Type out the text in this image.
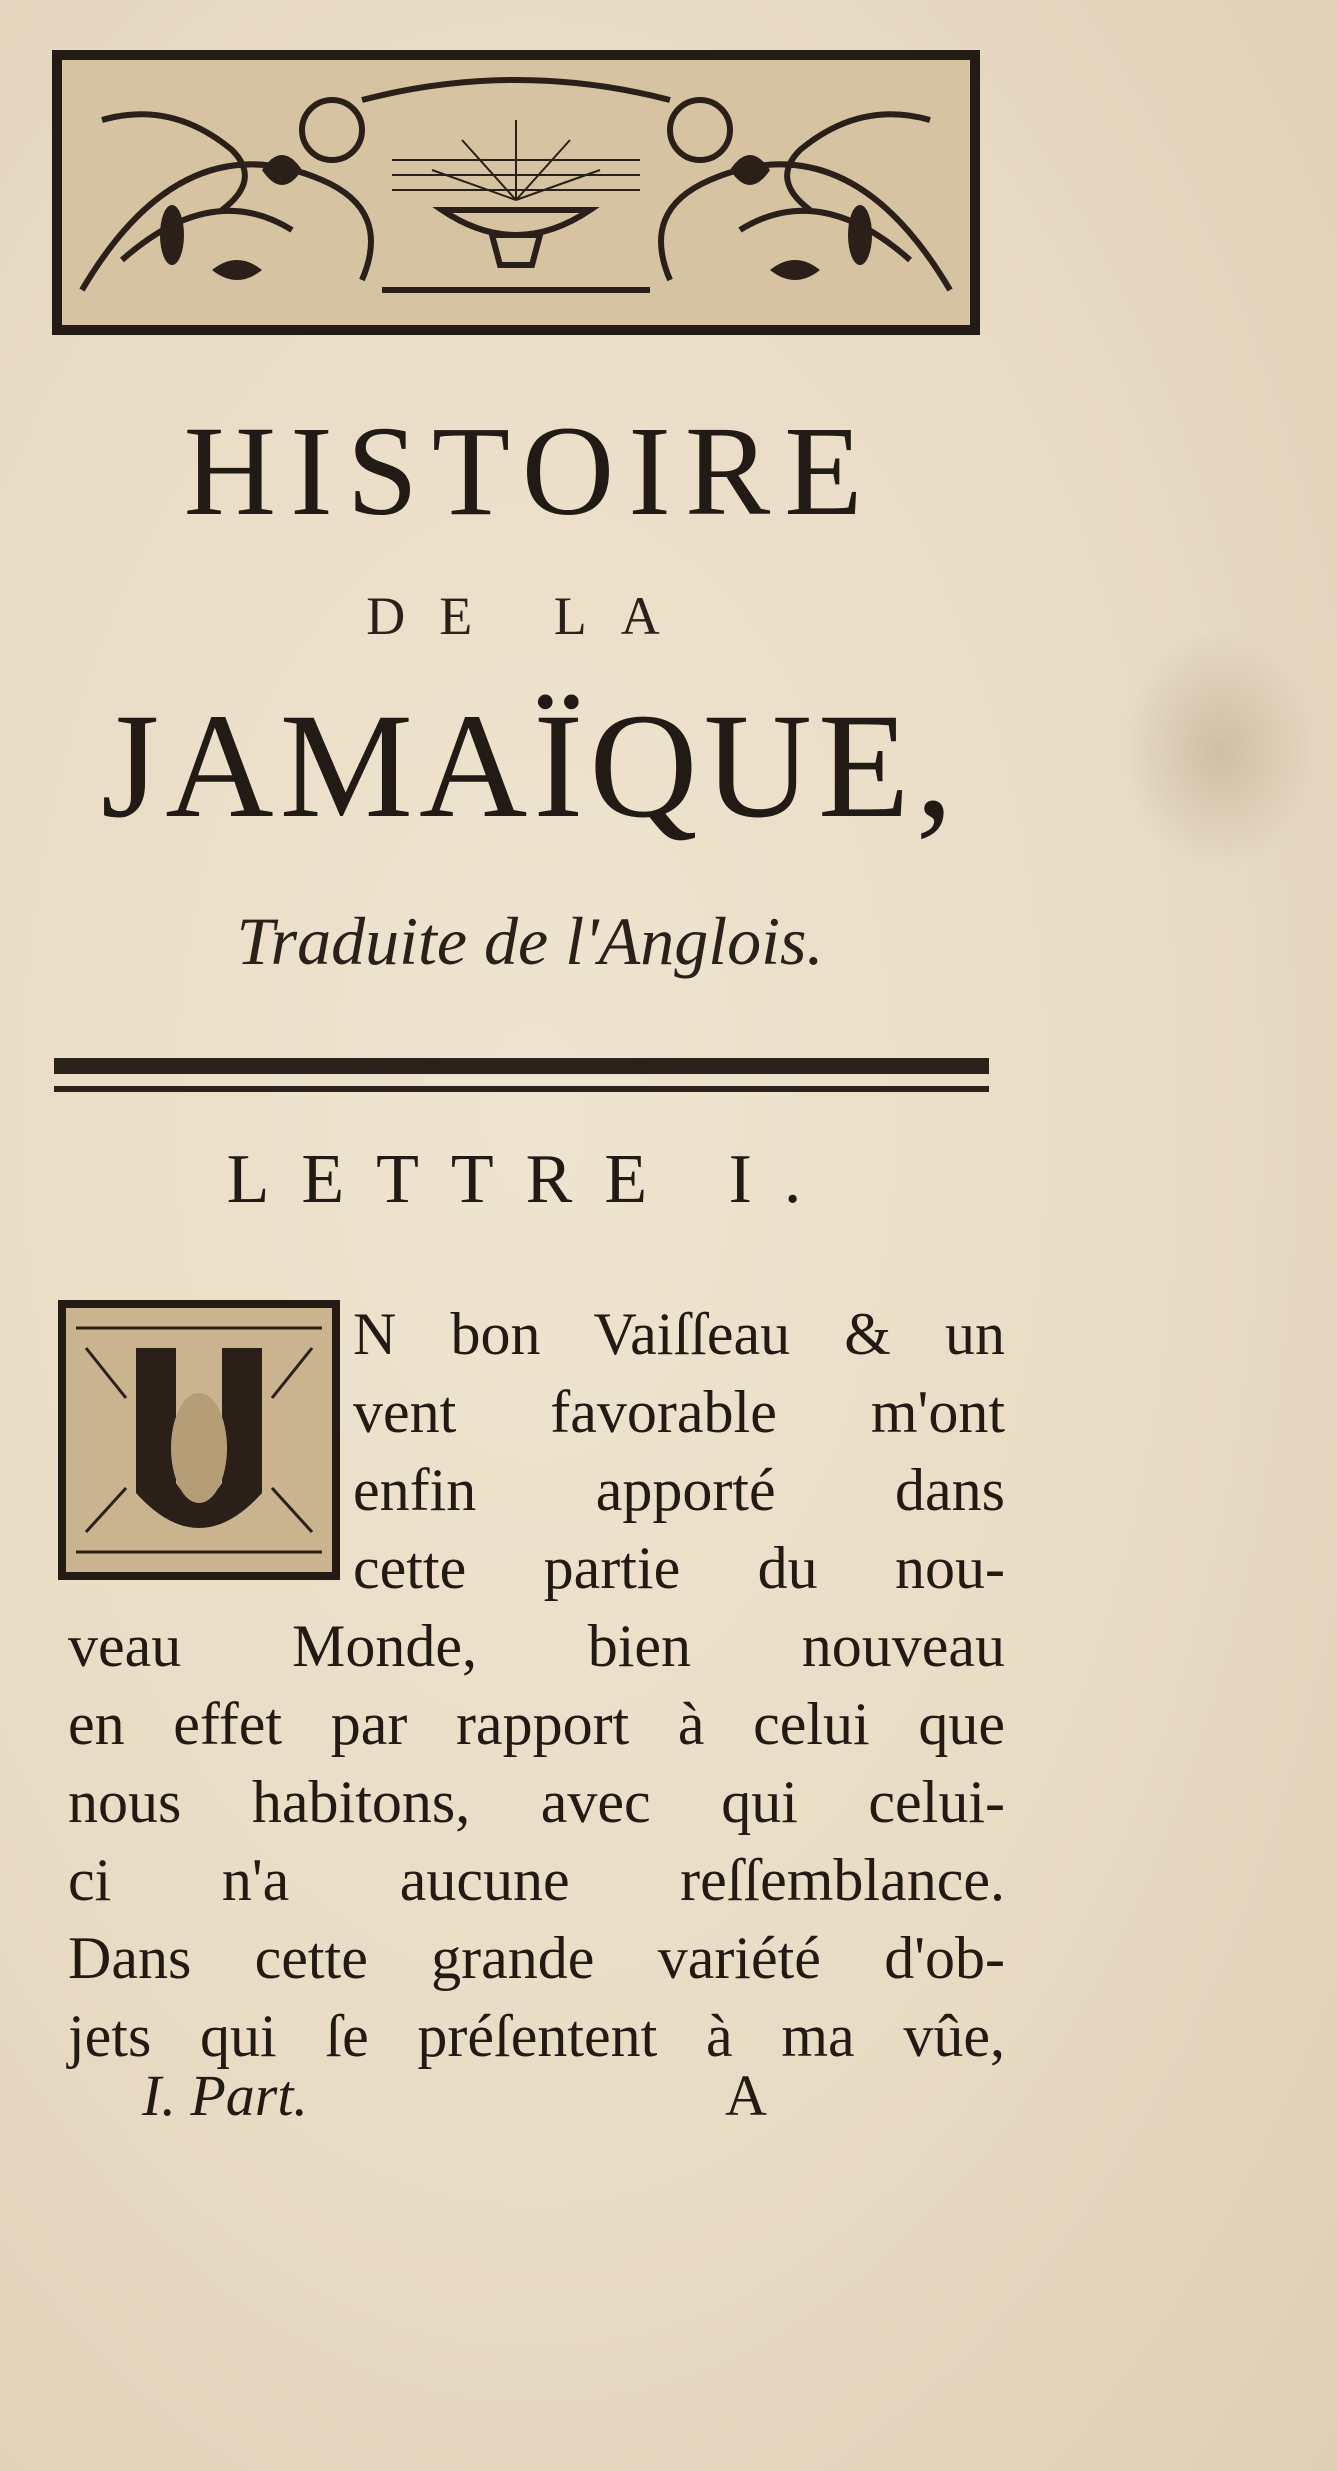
HISTOIRE
DE LA
JAMAÏQUE,
Traduite de l'Anglois.
LETTRE I.
N bon Vaiſſeau & un
vent favorable m'ont
enfin apporté dans
cette partie du nou-
veau Monde, bien nouveau
en effet par rapport à celui que
nous habitons, avec qui celui-
ci n'a aucune reſſemblance.
Dans cette grande variété d'ob-
jets qui ſe préſentent à ma vûe,
I. Part.	A
